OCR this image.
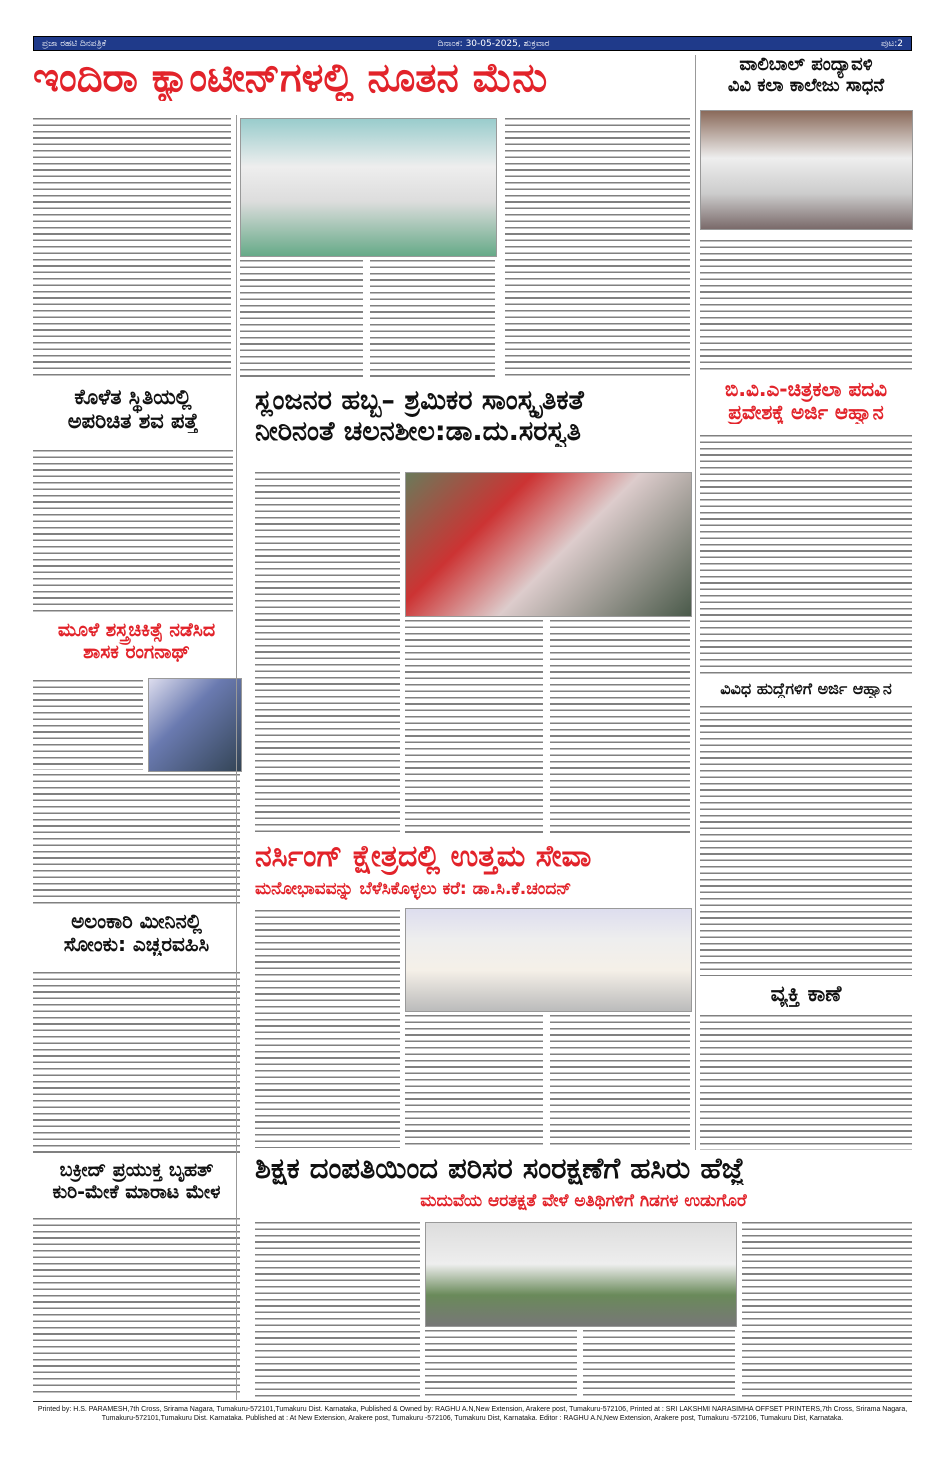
ಪ್ರಜಾ ರಹಟಿ ದಿನಪತ್ರಿಕೆ	ದಿನಾಂಕ: 30-05-2025, ಶುಕ್ರವಾರ	ಪುಟ:2
ಇಂದಿರಾ ಕ್ಯಾಂಟೀನ್‌ಗಳಲ್ಲಿ ನೂತನ ಮೆನು	ವಾಲಿಬಾಲ್ ಪಂದ್ಯಾವಳಿ
ವಿವಿ ಕಲಾ ಕಾಲೇಜು ಸಾಧನೆ
ಕೊಳೆತ ಸ್ಥಿತಿಯಲ್ಲಿ
ಅಪರಿಚಿತ ಶವ ಪತ್ತೆ
ಸ್ಲಂಜನರ ಹಬ್ಬ– ಶ್ರಮಿಕರ ಸಾಂಸ್ಕೃತಿಕತೆ
ನೀರಿನಂತೆ ಚಲನಶೀಲ:ಡಾ.ದು.ಸರಸ್ವತಿ
ಬಿ.ವಿ.ಎ-ಚಿತ್ರಕಲಾ ಪದವಿ
ಪ್ರವೇಶಕ್ಕೆ ಅರ್ಜಿ ಆಹ್ವಾನ
ಮೂಳೆ ಶಸ್ತ್ರಚಿಕಿತ್ಸೆ ನಡೆಸಿದ
ಶಾಸಕ ರಂಗನಾಥ್
ವಿವಿಧ ಹುದ್ದೆಗಳಿಗೆ ಅರ್ಜಿ ಆಹ್ವಾನ
ನರ್ಸಿಂಗ್ ಕ್ಷೇತ್ರದಲ್ಲಿ ಉತ್ತಮ ಸೇವಾ
ಮನೋಭಾವವನ್ನು ಬೆಳೆಸಿಕೊಳ್ಳಲು ಕರೆ: ಡಾ.ಸಿ.ಕೆ.ಚಂದನ್
ಅಲಂಕಾರಿ ಮೀನಿನಲ್ಲಿ
ಸೋಂಕು: ಎಚ್ಚರವಹಿಸಿ
ವ್ಯಕ್ತಿ ಕಾಣೆ
ಬಕ್ರೀದ್ ಪ್ರಯುಕ್ತ ಬೃಹತ್
ಕುರಿ-ಮೇಕೆ ಮಾರಾಟ ಮೇಳ
ಶಿಕ್ಷಕ ದಂಪತಿಯಿಂದ ಪರಿಸರ ಸಂರಕ್ಷಣೆಗೆ ಹಸಿರು ಹೆಜ್ಜೆ
ಮದುವೆಯ ಆರತಕ್ಷತೆ ವೇಳೆ ಅತಿಥಿಗಳಿಗೆ ಗಿಡಗಳ ಉಡುಗೊರೆ
Printed by: H.S. PARAMESH,7th Cross, Srirama Nagara, Tumakuru-572101,Tumakuru Dist. Karnataka, Published & Owned by: RAGHU A.N,New Extension, Arakere post, Tumakuru-572106, Printed at : SRI LAKSHMI NARASIMHA OFFSET PRINTERS,7th Cross, Srirama Nagara, Tumakuru-572101,Tumakuru Dist. Karnataka. Published at : At New Extension, Arakere post, Tumakuru -572106, Tumakuru Dist, Karnataka. Editor : RAGHU A.N,New Extension, Arakere post, Tumakuru -572106, Tumakuru Dist, Karnataka.
